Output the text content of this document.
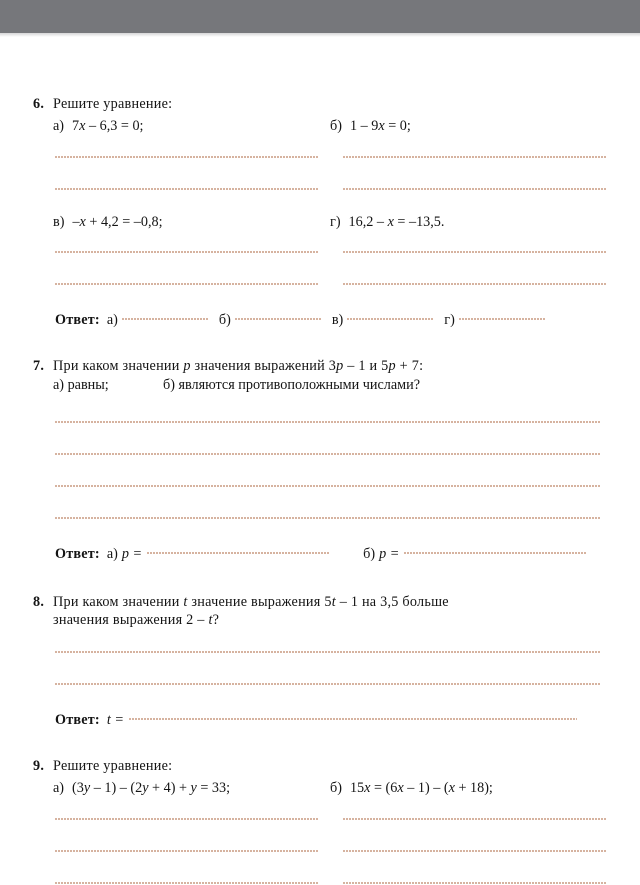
6. Решите уравнение:
а) 7x – 6,3 = 0;	б) 1 – 9x = 0;
в) –x + 4,2 = –0,8;	г) 16,2 – x = –13,5.
Ответ: а)	б)	в)	г)
7. При каком значении p значения выражений 3p – 1 и 5p + 7:
а) равны;	б) являются противоположными числами?
Ответ: а) p =	б) p =
8. При каком значении t значение выражения 5t – 1 на 3,5 больше
значения выражения 2 – t?
Ответ: t =
9. Решите уравнение:
а) (3y – 1) – (2y + 4) + y = 33;	б) 15x = (6x – 1) – (x + 18);
